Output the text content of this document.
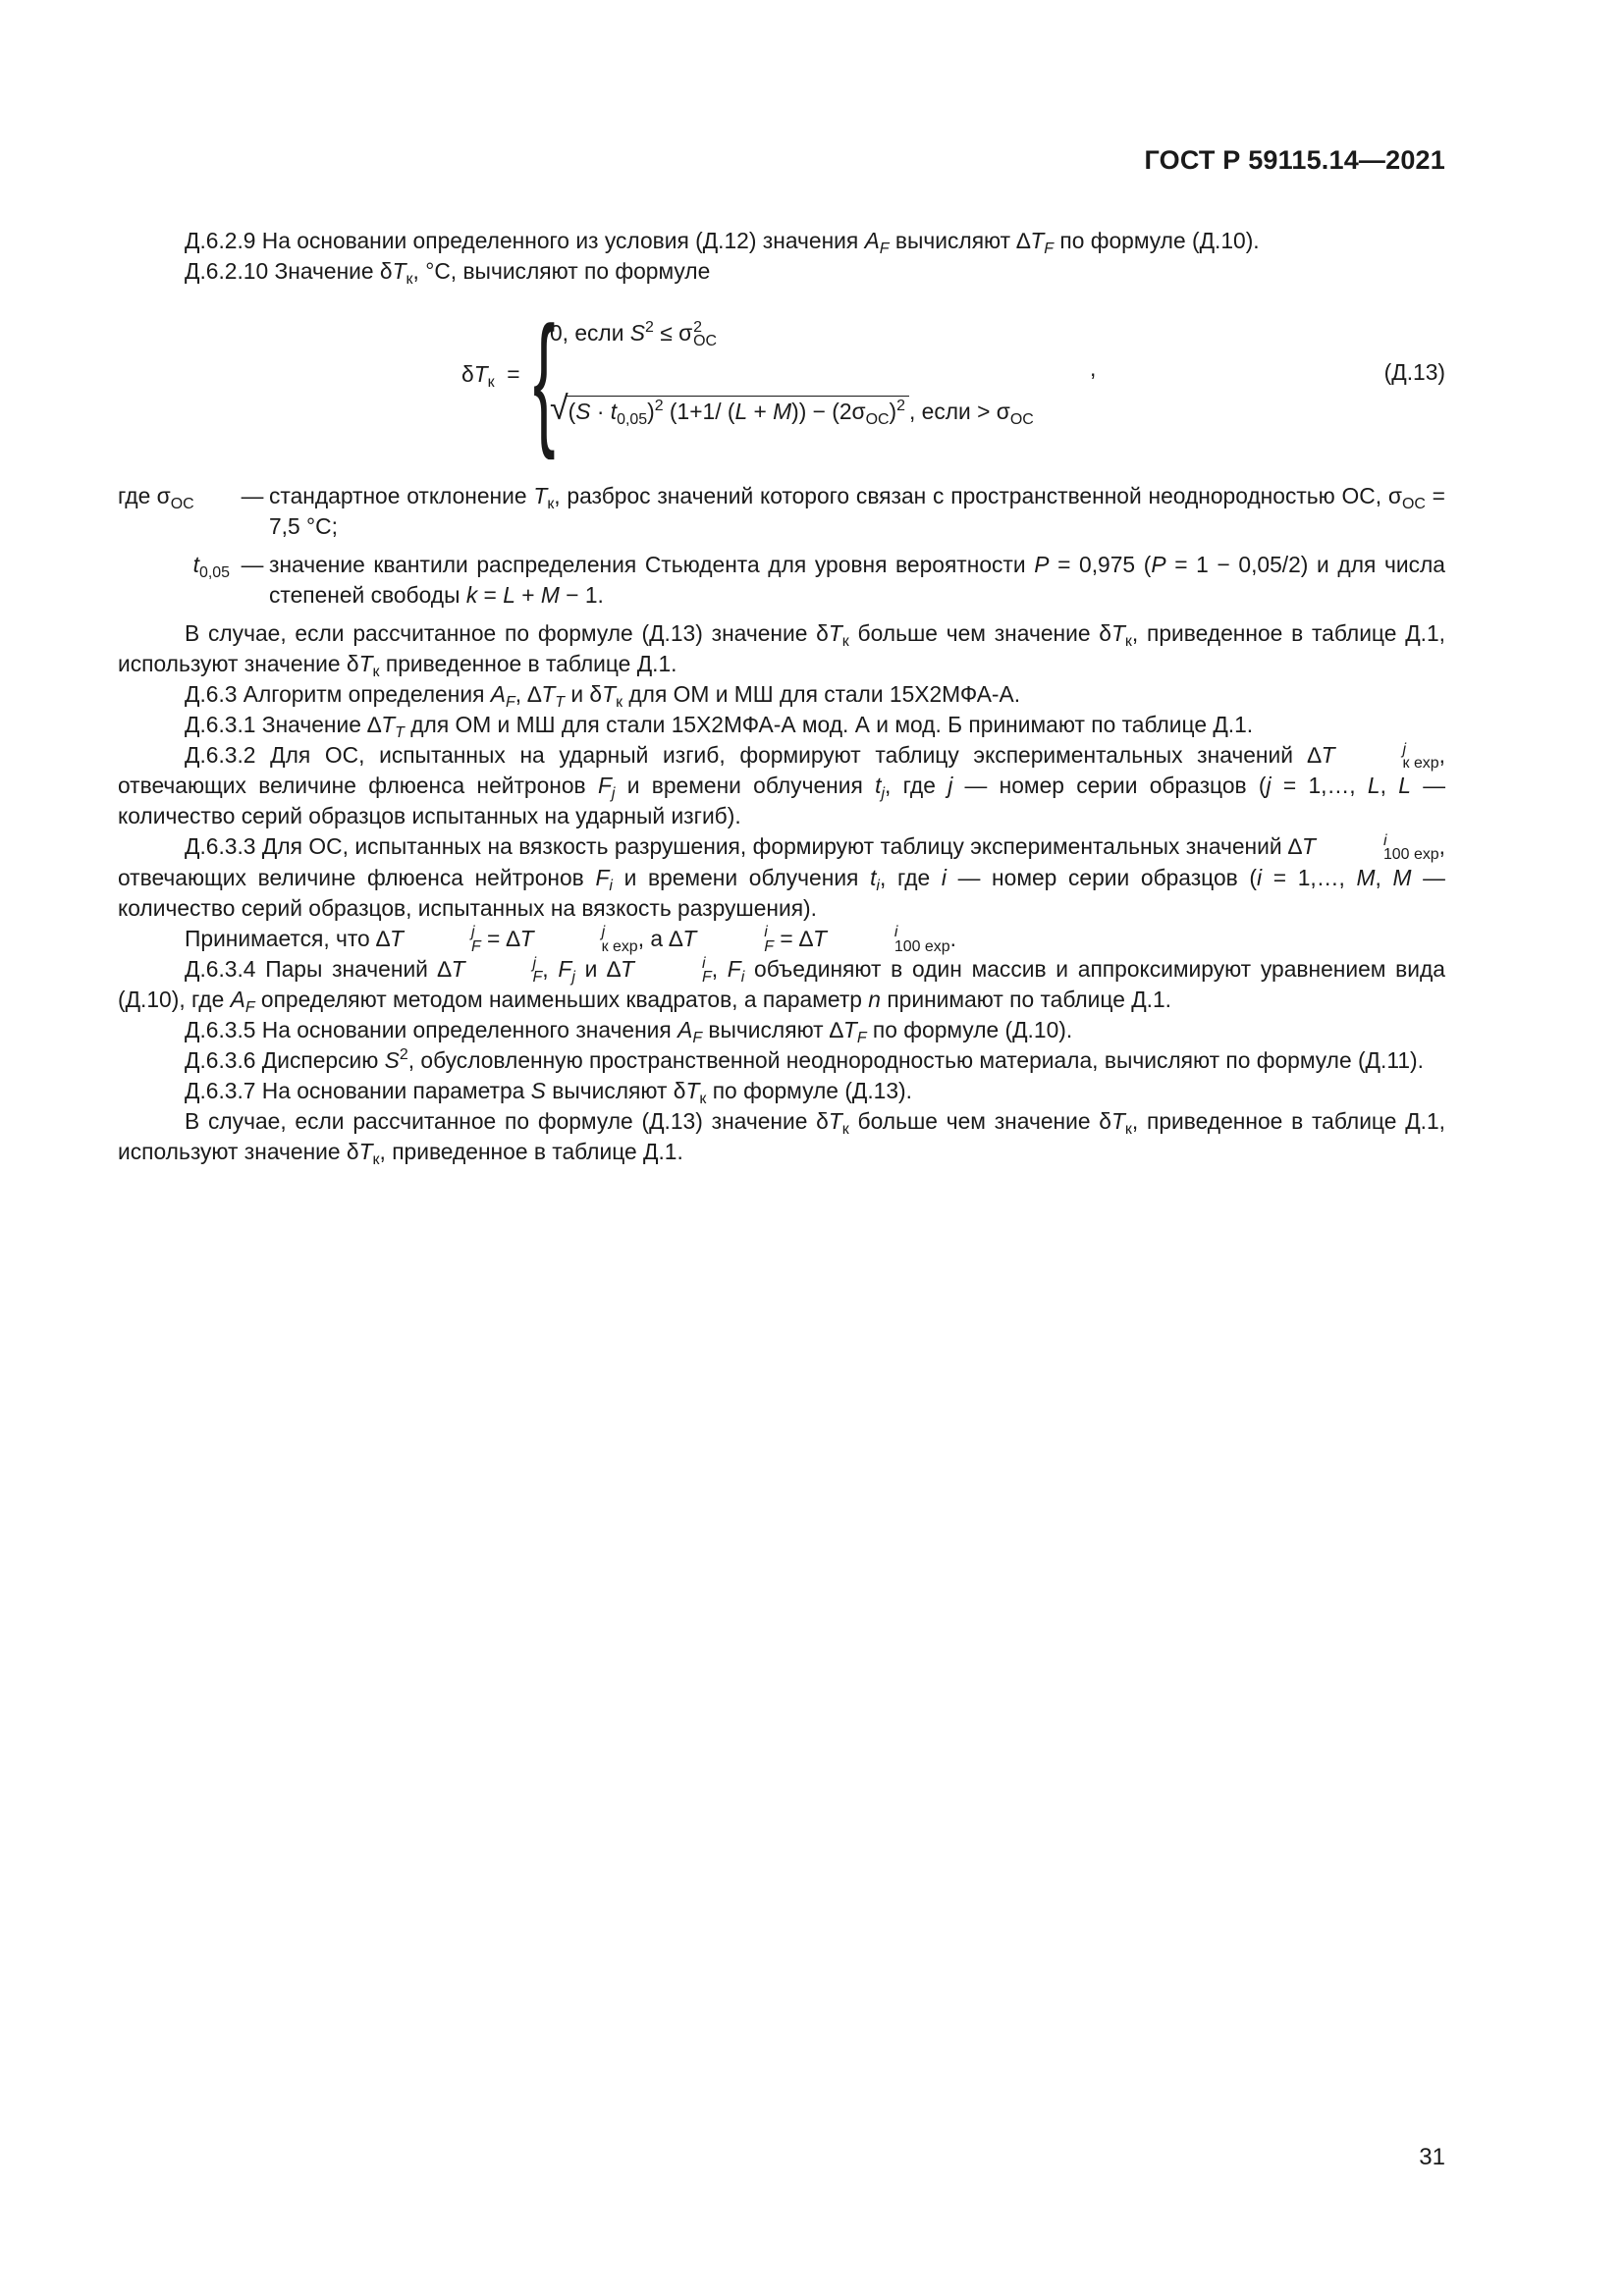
ГОСТ Р 59115.14—2021

Д.6.2.9 На основании определенного из условия (Д.12) значения $A_F$ вычисляют $\Delta T_F$ по формуле (Д.10).

Д.6.2.10 Значение $\delta T_к$, °С, вычисляют по формуле

$\delta T_к$  = {
0, если $S^2 \le \sigma$ 2
ОС
$√(S \cdot t_{0,05})^2$ (1+1/ $(L + M)) - (2\sigma_{ОС})^2$ , если > $\sigma_{ОС}$
,	(Д.13)
где $\sigma_{ОС}$	— стандартное отклонение $T_к$, разброс значений которого связан с пространственной неоднородностью ОС, $\sigma_{ОС} = 7,5$ °С;
$t_{0,05}$ — значение квантили распределения Стьюдента для уровня вероятности P = 0,975 (P = 1 − 0,05/2) и для числа степеней свободы k = L + M − 1.

В случае, если рассчитанное по формуле (Д.13) значение $\delta T_к$ больше чем значение $\delta T_к$, приведенное в таблице Д.1, используют значение $\delta T_к$ приведенное в таблице Д.1.

Д.6.3 Алгоритм определения $A_F$, $\Delta T_T$ и $\delta T_к$ для ОМ и МШ для стали 15Х2МФА-А.

Д.6.3.1 Значение $\Delta T_T$ для ОМ и МШ для стали 15Х2МФА-А мод. А и мод. Б принимают по таблице Д.1.

Д.6.3.2 Для ОС, испытанных на ударный изгиб, формируют таблицу экспериментальных значений ∆T	j
к exp , отвечающих величине флюенса нейтронов $F_j$ и времени облучения $t_j$, где j — номер серии образцов (j = 1,…, L, L — количество серий образцов испытанных на ударный изгиб).

Д.6.3.3 Для ОС, испытанных на вязкость разрушения, формируют таблицу экспериментальных значений ∆T	i
100 exp , отвечающих величине флюенса нейтронов $F_i$ и времени облучения $t_i$, где i — номер серии образцов (i = 1,…, M, M — количество серий образцов, испытанных на вязкость разрушения).

Принимается, что ∆T	j
F = ∆T	j
к exp , а ∆T	i
F = ∆T	i
100 exp .

Д.6.3.4 Пары значений ∆T	j
F , $F_j$ и ∆T	i
F , $F_i$ объединяют в один массив и аппроксимируют уравнением вида (Д.10), где $A_F$ определяют методом наименьших квадратов, а параметр n принимают по таблице Д.1.

Д.6.3.5 На основании определенного значения $A_F$ вычисляют $\Delta T_F$ по формуле (Д.10).

Д.6.3.6 Дисперсию $S^2$, обусловленную пространственной неоднородностью материала, вычисляют по формуле (Д.11).

Д.6.3.7 На основании параметра S вычисляют $\delta T_к$ по формуле (Д.13).

В случае, если рассчитанное по формуле (Д.13) значение $\delta T_к$ больше чем значение $\delta T_к$, приведенное в таблице Д.1, используют значение $\delta T_к$, приведенное в таблице Д.1.

31
